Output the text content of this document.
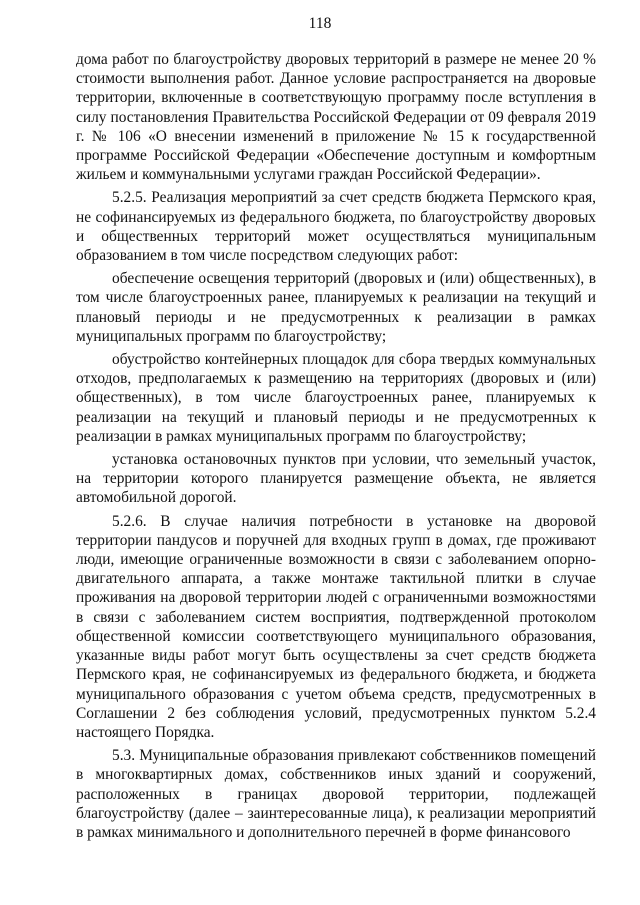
118

дома работ по благоустройству дворовых территорий в размере не менее 20 % стоимости выполнения работ. Данное условие распространяется на дворовые территории, включенные в соответствующую программу после вступления в силу постановления Правительства Российской Федерации от 09 февраля 2019 г. № 106 «О внесении изменений в приложение № 15 к государственной программе Российской Федерации «Обеспечение доступным и комфортным жильем и коммунальными услугами граждан Российской Федерации».

5.2.5. Реализация мероприятий за счет средств бюджета Пермского края, не софинансируемых из федерального бюджета, по благоустройству дворовых и общественных территорий может осуществляться муниципальным образованием в том числе посредством следующих работ:

обеспечение освещения территорий (дворовых и (или) общественных), в том числе благоустроенных ранее, планируемых к реализации на текущий и плановый периоды и не предусмотренных к реализации в рамках муниципальных программ по благоустройству;

обустройство контейнерных площадок для сбора твердых коммунальных отходов, предполагаемых к размещению на территориях (дворовых и (или) общественных), в том числе благоустроенных ранее, планируемых к реализации на текущий и плановый периоды и не предусмотренных к реализации в рамках муниципальных программ по благоустройству;

установка остановочных пунктов при условии, что земельный участок, на территории которого планируется размещение объекта, не является автомобильной дорогой.

5.2.6. В случае наличия потребности в установке на дворовой территории пандусов и поручней для входных групп в домах, где проживают люди, имеющие ограниченные возможности в связи с заболеванием опорно-двигательного аппарата, а также монтаже тактильной плитки в случае проживания на дворовой территории людей с ограниченными возможностями в связи с заболеванием систем восприятия, подтвержденной протоколом общественной комиссии соответствующего муниципального образования, указанные виды работ могут быть осуществлены за счет средств бюджета Пермского края, не софинансируемых из федерального бюджета, и бюджета муниципального образования с учетом объема средств, предусмотренных в Соглашении 2 без соблюдения условий, предусмотренных пунктом 5.2.4 настоящего Порядка.

5.3. Муниципальные образования привлекают собственников помещений в многоквартирных домах, собственников иных зданий и сооружений, расположенных в границах дворовой территории, подлежащей благоустройству (далее – заинтересованные лица), к реализации мероприятий в рамках минимального и дополнительного перечней в форме финансового
